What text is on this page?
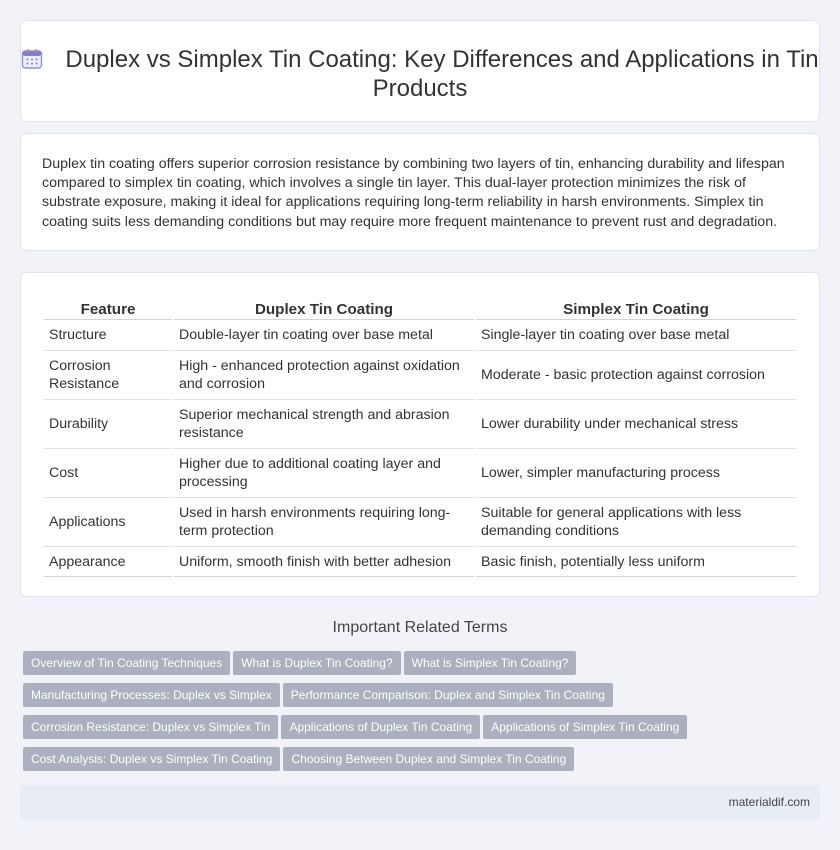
Duplex vs Simplex Tin Coating: Key Differences and Applications in Tin Products

Duplex tin coating offers superior corrosion resistance by combining two layers of tin, enhancing durability and lifespan compared to simplex tin coating, which involves a single tin layer. This dual-layer protection minimizes the risk of substrate exposure, making it ideal for applications requiring long-term reliability in harsh environments. Simplex tin coating suits less demanding conditions but may require more frequent maintenance to prevent rust and degradation.

Feature	Duplex Tin Coating	Simplex Tin Coating
Structure	Double-layer tin coating over base metal	Single-layer tin coating over base metal
Corrosion Resistance	High - enhanced protection against oxidation and corrosion	Moderate - basic protection against corrosion
Durability	Superior mechanical strength and abrasion resistance	Lower durability under mechanical stress
Cost	Higher due to additional coating layer and processing	Lower, simpler manufacturing process
Applications	Used in harsh environments requiring long-term protection	Suitable for general applications with less demanding conditions
Appearance	Uniform, smooth finish with better adhesion	Basic finish, potentially less uniform
Important Related Terms
Overview of Tin Coating Techniques What is Duplex Tin Coating? What is Simplex Tin Coating?
Manufacturing Processes: Duplex vs Simplex Performance Comparison: Duplex and Simplex Tin Coating
Corrosion Resistance: Duplex vs Simplex Tin Applications of Duplex Tin Coating Applications of Simplex Tin Coating
Cost Analysis: Duplex vs Simplex Tin Coating Choosing Between Duplex and Simplex Tin Coating
materialdif.com
